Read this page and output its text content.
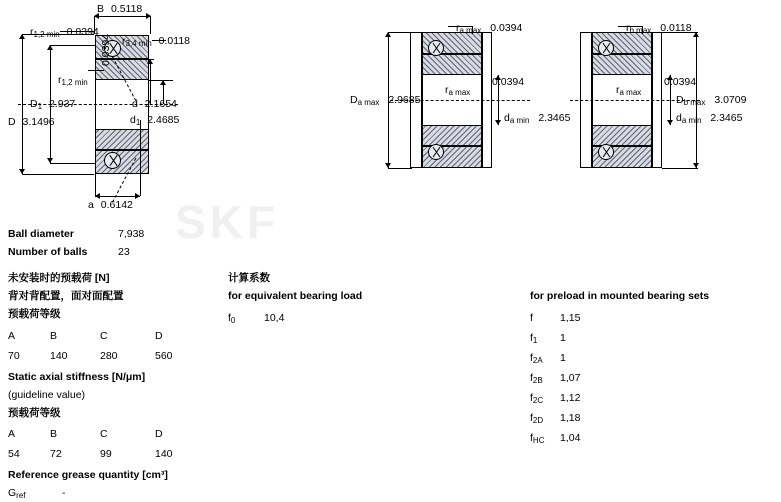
SKF
$r_{1,2 min}$ 0.0394
B 0.5118
$r_{3,4 min}$ 0.0118
$r_{1,2 min}$
0.0394
d 2.1654
$d_1$ 2.4685
$D_1$ 2.937
D 3.1496
a 0.6142
$r_{a max}$ 0.0394
$r_{a max}$
0.0394
$D_{a max}$ 2.9685
$d_{a min}$ 2.3465
$r_{b max}$ 0.0118
$r_{a max}$
0.0394
$D_{b max}$ 3.0709
$d_{a min}$ 2.3465
Ball diameter	7,938
Number of balls	23
未安装时的预载荷 [N]
背对背配置，面对面配置
预载荷等级
A	B	C	D
70	140	280	560
Static axial stiffness [N/μm]
(guideline value)
预载荷等级
A	B	C	D
54	72	99	140
Reference grease quantity [cm³]
$G_{ref}$	-
计算系数
for equivalent bearing load
$f_0$	10,4
for preload in mounted bearing sets
f	1,15
$f_1$ 1
$f_{2A}$ 1
$f_{2B}$ 1,07
$f_{2C}$ 1,12
$f_{2D}$ 1,18
$f_{HC}$ 1,04
